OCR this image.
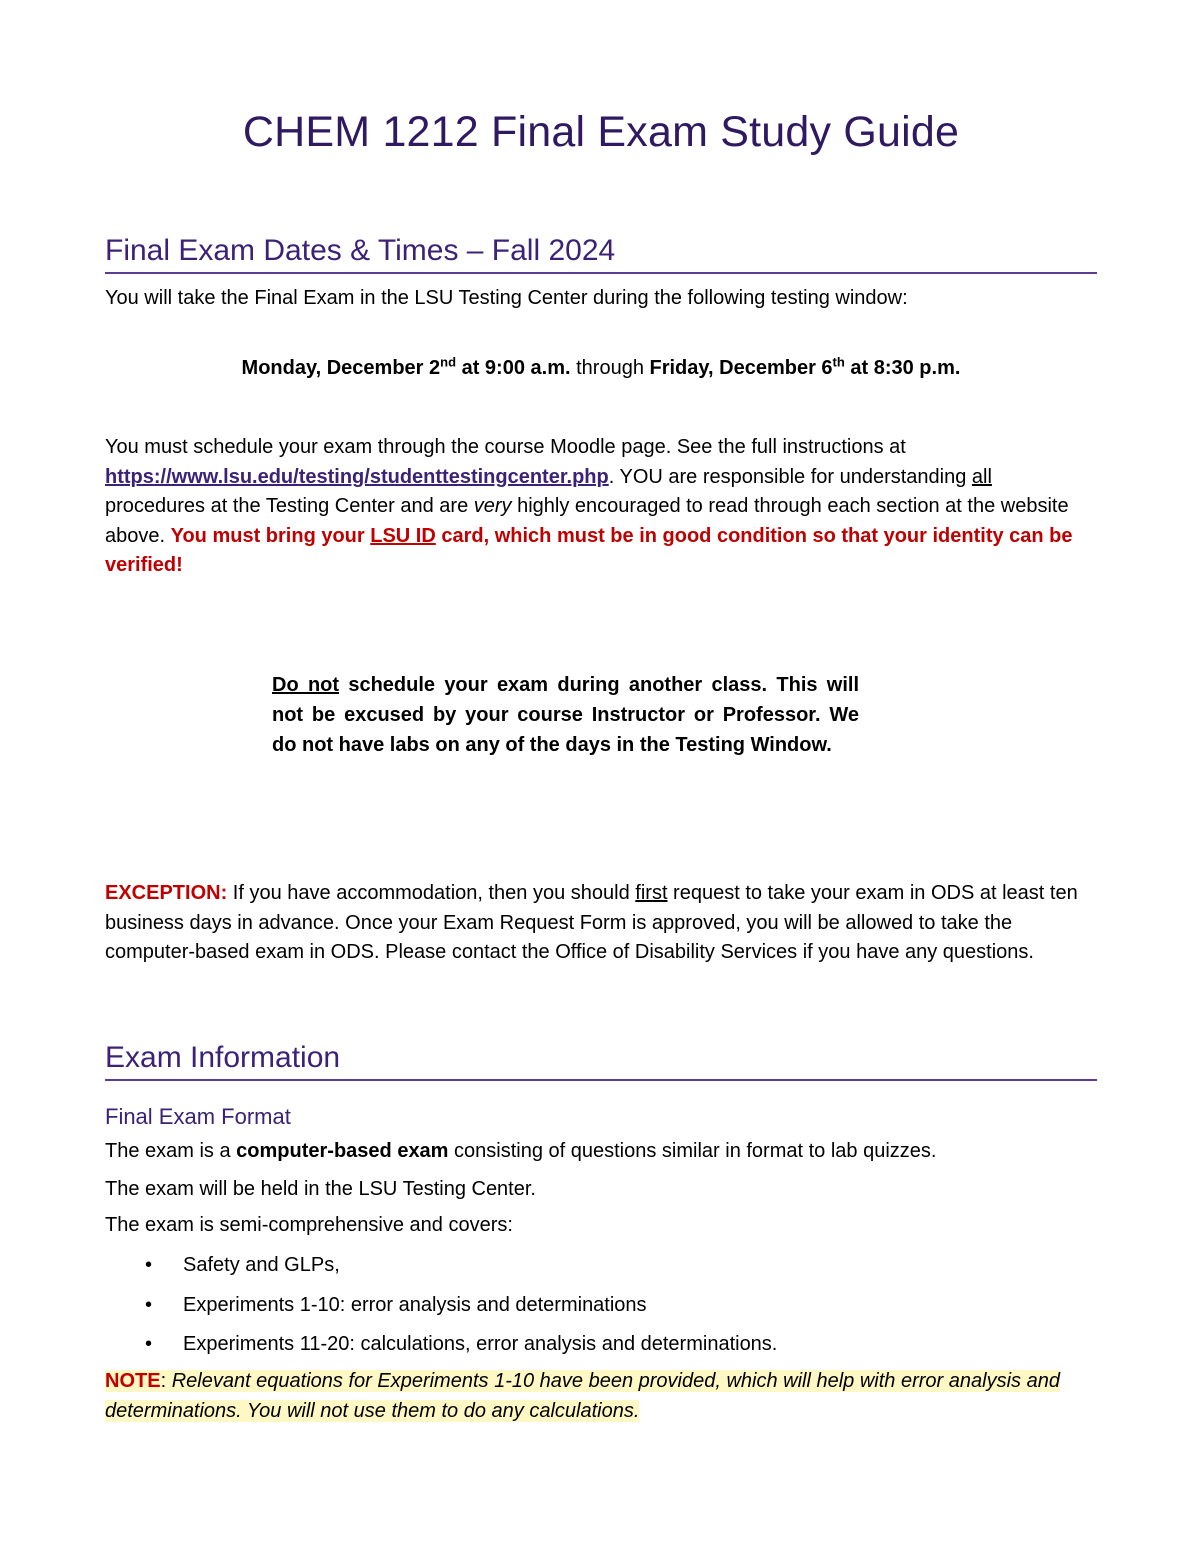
CHEM 1212 Final Exam Study Guide
Final Exam Dates & Times – Fall 2024
You will take the Final Exam in the LSU Testing Center during the following testing window:
Monday, December 2nd at 9:00 a.m. through Friday, December 6th at 8:30 p.m.
You must schedule your exam through the course Moodle page. See the full instructions at https://www.lsu.edu/testing/studenttestingcenter.php. YOU are responsible for understanding all procedures at the Testing Center and are very highly encouraged to read through each section at the website above. You must bring your LSU ID card, which must be in good condition so that your identity can be verified!
Do not schedule your exam during another class. This will not be excused by your course Instructor or Professor. We do not have labs on any of the days in the Testing Window.
EXCEPTION: If you have accommodation, then you should first request to take your exam in ODS at least ten business days in advance. Once your Exam Request Form is approved, you will be allowed to take the computer-based exam in ODS. Please contact the Office of Disability Services if you have any questions.
Exam Information
Final Exam Format
The exam is a computer-based exam consisting of questions similar in format to lab quizzes.
The exam will be held in the LSU Testing Center.
The exam is semi-comprehensive and covers:
• Safety and GLPs,
• Experiments 1-10: error analysis and determinations
• Experiments 11-20: calculations, error analysis and determinations.
NOTE: Relevant equations for Experiments 1-10 have been provided, which will help with error analysis and determinations. You will not use them to do any calculations.
